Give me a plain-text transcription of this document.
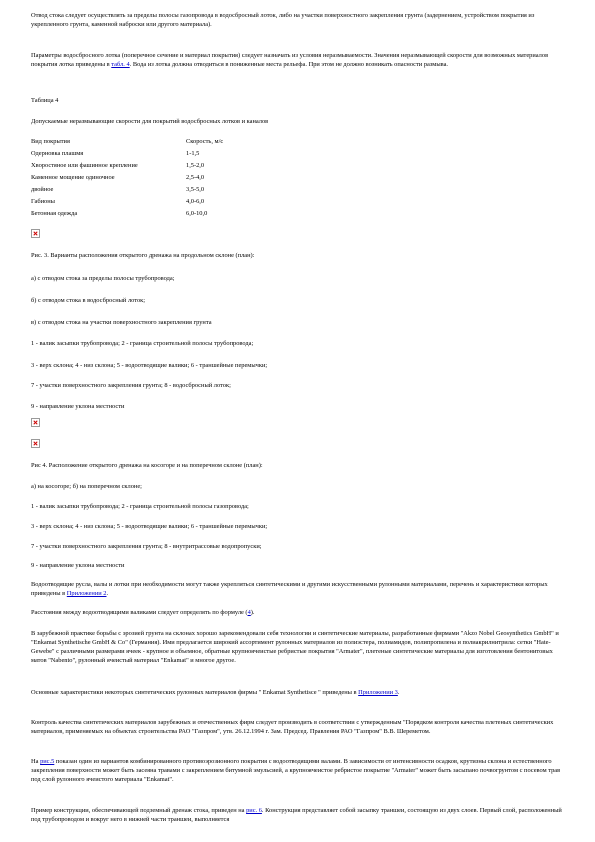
Отвод стока следует осуществлять за пределы полосы газопровода в водосбросный лоток, либо на участки поверхностного закрепления грунта (задернением, устройством покрытия из укрепленного грунта, каменной наброски или другого материала).

Параметры водосбросного лотка (поперечное сечение и материал покрытия) следует назначать из условия неразмываемости. Значения неразмывающей скорости для возможных материалов покрытия лотка приведены в табл. 4. Вода из лотка должна отводиться в пониженные места рельефа. При этом не должно возникать опасности размыва.

Таблица 4

Допускаемые неразмывающие скорости для покрытий водосбросных лотков и каналов

Вид покрытия	Скорость, м/с
Одерновка плашмя	1-1,5
Хворостяное или фашинное крепление	1,5-2,0
Каменное мощение одиночное	2,5-4,0
двойное	3,5-5,0
Габионы	4,0-6,0
Бетонная одежда	6,0-10,0

Рис. 3. Варианты расположения открытого дренажа на продольном склоне (план):

а) с отводом стока за пределы полосы трубопровода;

б) с отводом стока в водосбросный лоток;

в) с отводом стока на участки поверхностного закрепления грунта

1 - валик засыпки трубопровода; 2 - граница строительной полосы трубопровода;

3 - верх склона; 4 - низ склона; 5 - водоотводящие валики; 6 - траншейные перемычки;

7 - участки поверхностного закрепления грунта; 8 - водосбросный лоток;

9 - направление уклона местности

Рис 4. Расположение открытого дренажа на косогоре и на поперечном склоне (план):

а) на косогоре; б) на поперечном склоне;

1 - валик засыпки трубопровода; 2 - граница строительной полосы газопровода;

3 - верх склона; 4 - низ склона; 5 - водоотводящие валики; 6 - траншейные перемычки;

7 - участки поверхностного закрепления грунта; 8 - внутритрассовые водопропуски;

9 - направление уклона местности

Водоотводящие русла, валы и лотки при необходимости могут также укрепляться синтетическими и другими искусственными рулонными материалами, перечень и характеристики которых приведены в Приложении 2.

Расстояния между водоотводящими валиками следует определять по формуле (4).

В зарубежной практике борьбы с эрозией грунта на склонах хорошо зарекомендовали себя технологии и синтетические материалы, разработанные фирмами "Akzo Nobel Geosynthetics GmbH" и "Enkamat Synthetische GmbH & Co" (Германия). Ими предлагается широкий ассортимент рулонных материалов из полиэстера, полиамидов, полипропилена и полиакрилнитрила: сетки "Hate-Gewebe" с различными размерами ячеек - крупное и объемное, обратные крупноячеистые ребристые покрытия "Armater", плетеные синтетические материалы для изготовления бентонитовых матов "Nabento", рулонный ячеистый материал "Enkamat" и многое другое.

Основные характеристики некоторых синтетических рулонных материалов фирмы " Enkamat Synthetisce " приведены в Приложении 3.

Контроль качества синтетических материалов зарубежных и отечественных фирм следует производить в соответствии с утвержденным "Порядком контроля качества плетеных синтетических материалов, применяемых на объектах строительства РАО "Газпром", утв. 26.12.1994 г. Зам. Председ. Правления РАО "Газпром" В.В. Шереметом.

На рис.5 показан один из вариантов комбинированного противоэрозионного покрытия с водоотводящими валами. В зависимости от интенсивности осадков, крутизны склона и естественного закрепления поверхности может быть засеяна травами с закреплением битумной эмульсией, а крупноячеистое ребристое покрытие "Armater" может быть засыпано почвогрунтом с посевом трав под слой рулонного ячеистого материала "Enkamat".

Пример конструкции, обеспечивающей подземный дренаж стока, приведен на рис. 6. Конструкция представляет собой засыпку траншеи, состоящую из двух слоев. Первый слой, расположенный под трубопроводом и вокруг него в нижней части траншеи, выполняется
